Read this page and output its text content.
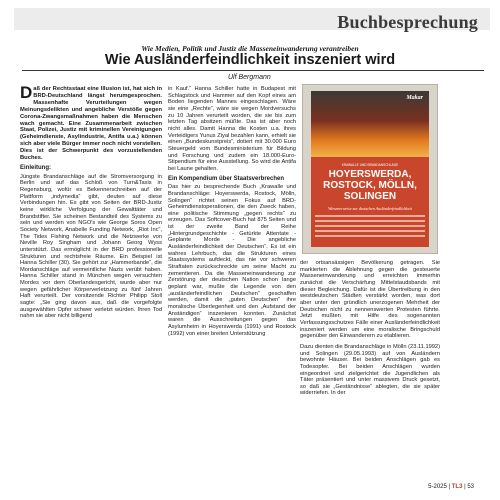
Buchbesprechung
Wie Medien, Politik und Justiz die Masseneinwanderung verantreiben
Wie Ausländerfeindlichkeit inszeniert wird
Ulf Bergmann

Daß der Rechtsstaat eine Illusion ist, hat sich in BRD-Deutschland längst herumgesprochen. Massenhafte Verurteilungen wegen Meinungsdelikten und angebliche Verstöße gegen Corona-Zwangsmaßnahmen haben die Menschen wach gemacht. Eine Zusammenarbeit zwischen Staat, Polizei, Justiz mit kriminellen Vereinigungen (Geheimdienste, Asylindustrie, Antifa u.a.) können sich aber viele Bürger immer noch nicht vorstellen. Dies ist der Schwerpunkt des vorzustellenden Buches.

Einleitung:

Jüngste Brandanschläge auf die Stromversorgung in Berlin und auf das Schloß von Turn&Taxis in Regensburg, wofür es Bekennerschreiben auf der Plattform „indymedia“ gibt, deuten auf diese Verbindungen hin. Es gibt von Seiten der BRD-Justiz keine wirkliche Verfolgung der Gewalttäter und Brandstifter. Sie scheinen Bestandteil des Systems zu sein und werden von NGO's wie George Soros Open Society Network, Anabelle Funding Network, „Riot Inc“, The Tides Fishing Network und die Netzwerke von Neville Roy Singham und Johann Georg Wyss unterstützt. Das ermöglicht in der BRD professionelle Strukturen und rechtsfreie Räume. Ein Beispiel ist Hanna Schiller (30). Sie gehört zur „Hammerbande“, die Mordanschläge auf vermeintliche Nazis verübt haben. Hanna Schiller stand in München wegen versuchten Mordes vor dem Oberlandesgericht, wurde aber nur wegen gefährlicher Körperverletzung zu fünf Jahren Haft verurteilt. Der vorsitzende Richter Philipp Stoll sagte: „Sie ging davon aus, daß die vorgefolgte ausgewählten Opfer schwer verletzt würden. Ihren Tod nahm sie aber nicht billigend

in Kauf.“ Hanna Schiller hatte in Budapest mit Schlagstock und Hammer auf den Kopf eines am Boden liegenden Mannes eingeschlagen. Wäre sie eine „Rechte“, wäre sie wegen Mordversuchs zu 10 Jahren verurteilt worden, die sie bis zum letzten Tag absitzen müßte. Das ist aber noch nicht alles. Damit Hanna die Kosten u.a. ihres Verteidigers Yunus Ziyal bezahlen kann, erhielt sie einen „Bundeskunstpreis“, dotiert mit 30.000 Euro Steuergeld vom Bundesministerium für Bildung und Forschung und zudem ein 18.000-Euro-Stipendium für eine Ausstellung. So wird die Antifa bei Laune gehalten.

Ein Kompendium über Staatsverbrechen

Das hier zu besprechende Buch „Krawalle und Brandanschläge: Hoyerswerda, Rostock, Mölln, Solingen“ richtet seinen Fokus auf BRD-Geheimdienstoperationen, die den Zweck haben, eine politische Stimmung „gegen rechts“ zu erzeugen. Das Softcover-Buch hat 875 Seiten und ist der zweite Band der Reihe „Hintergrundgeschichte - Getürkte Attentate - Geplante Morde - Die angebliche Ausländerfeindlichkeit der Deutschen“. Es ist ein wahres Lehrbuch, das die Strukturen eines Staatssystems aufdeckt, das nie vor schweren Straftaten zurückschreckte um seine Macht zu zementieren. Da die Masseneinwanderung zur Zerstörung der deutschen Nation schon lange geplant war, mußte die Legende von den „ausländerfeindlichen Deutschen“ geschaffen werden, damit die „guten Deutschen“ ihre moralische Überlegenheit und den „Aufstand der Anständigen“ inszenieren konnten. Zunächst waren die Ausschreitungen gegen das Asylumheim in Hoyerswerda (1991) und Rostock (1992) von einer breiten Unterstützung

Makar
KRAWALLE UND BRANDANSCHLÄGE
HOYERSWERDA,
ROSTOCK, MÖLLN,
SOLINGEN
Wiesenerweise zur deutschen Ausländerfeindlichkeit

der ortsansässigen Bevölkerung getragen. Sie markierten die Ablehnung gegen die gesteuerte Masseneinwanderung und erreichten immerhin zunächst die Verschärfung Mittelstaudsbands mit dieser Begleichung. Dafür ist die Übertreibung in den westdeutschen Städten verstärkt worden, was dort aber unter den gründlich unerzogenen Mehrheit der Deutschen nicht zu nennenswerten Protesten führte. Jetzt mußten mit Hilfe des sogenannten Verfassungsschutzes Fälle einer Ausländerfeindlichkeit inszeniert werden um eine moralische Bringschuld gegenüber den Einwanderern zu etablieren.

Dazu dienten die Brandanschläge in Mölln (23.11.1992) und Solingen (29.05.1993) auf von Ausländern bewohnte Häuser. Bei beiden Anschlägen gab es Todesopfer. Bei beiden Anschlägen wurden eingeordnet und zielgerichtet die Jugendlichen als Täter präsentiert und unter massivem Druck gesetzt, so daß sie „Geständnisse“ ablegten, die sie später widerriefen. In der

5-2025 | TL3 | 53
